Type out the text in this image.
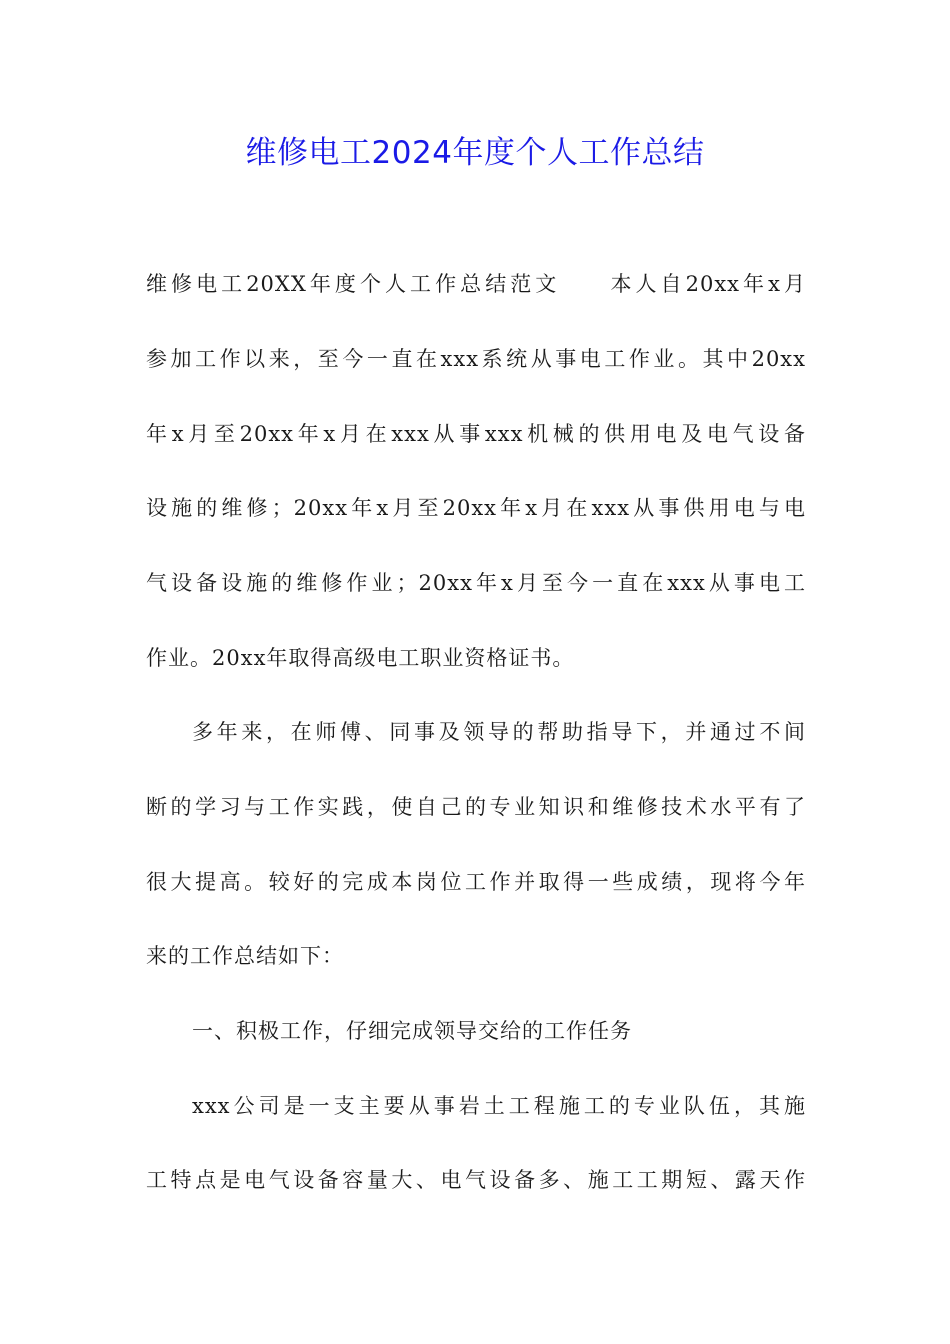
维修电工2024年度个人工作总结
维修电工20XX年度个人工作总结范文　　本人自20xx年x月
参加工作以来，至今一直在xxx系统从事电工作业。其中20xx
年x月至20xx年x月在xxx从事xxx机械的供用电及电气设备
设施的维修；20xx年x月至20xx年x月在xxx从事供用电与电
气设备设施的维修作业；20xx年x月至今一直在xxx从事电工
作业。20xx年取得高级电工职业资格证书。
多年来，在师傅、同事及领导的帮助指导下，并通过不间
断的学习与工作实践，使自己的专业知识和维修技术水平有了
很大提高。较好的完成本岗位工作并取得一些成绩，现将今年
来的工作总结如下：
一、积极工作，仔细完成领导交给的工作任务
xxx公司是一支主要从事岩土工程施工的专业队伍，其施
工特点是电气设备容量大、电气设备多、施工工期短、露天作
